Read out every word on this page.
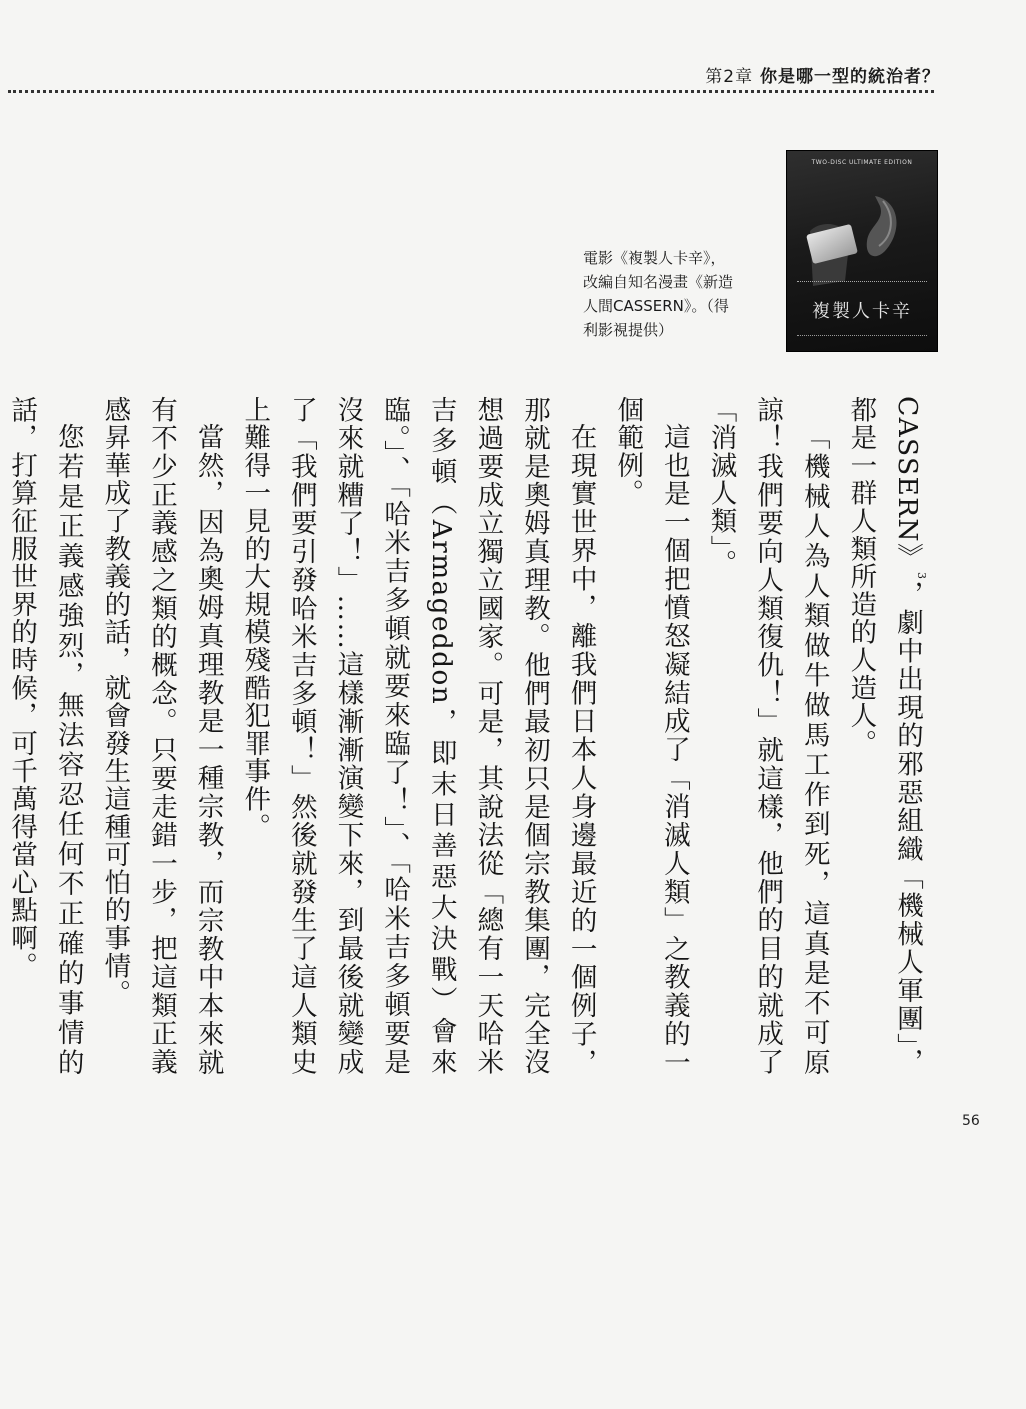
第2章 你是哪一型的統治者？
TWO-DISC ULTIMATE EDITION
複製人卡辛
電影《複製人卡辛》，
改編自知名漫畫《新造
人間CASSERN》。（得
利影視提供）

CASSERN》3，劇中出現的邪惡組織「機械人軍團」，都是一群人類所造的人造人。

「機械人為人類做牛做馬工作到死，這真是不可原諒！我們要向人類復仇！」就這樣，他們的目的就成了「消滅人類」。

這也是一個把憤怒凝結成了「消滅人類」之教義的一個範例。

在現實世界中，離我們日本人身邊最近的一個例子，那就是奧姆真理教。他們最初只是個宗教集團，完全沒想過要成立獨立國家。可是，其說法從「總有一天哈米吉多頓（Armageddon，即末日善惡大決戰）會來臨。」、「哈米吉多頓就要來臨了！」、「哈米吉多頓要是沒來就糟了！」……這樣漸漸演變下來，到最後就變成了「我們要引發哈米吉多頓！」然後就發生了這人類史上難得一見的大規模殘酷犯罪事件。

當然，因為奧姆真理教是一種宗教，而宗教中本來就有不少正義感之類的概念。只要走錯一步，把這類正義感昇華成了教義的話，就會發生這種可怕的事情。

您若是正義感強烈，無法容忍任何不正確的事情的話，打算征服世界的時候，可千萬得當心點啊。

56
